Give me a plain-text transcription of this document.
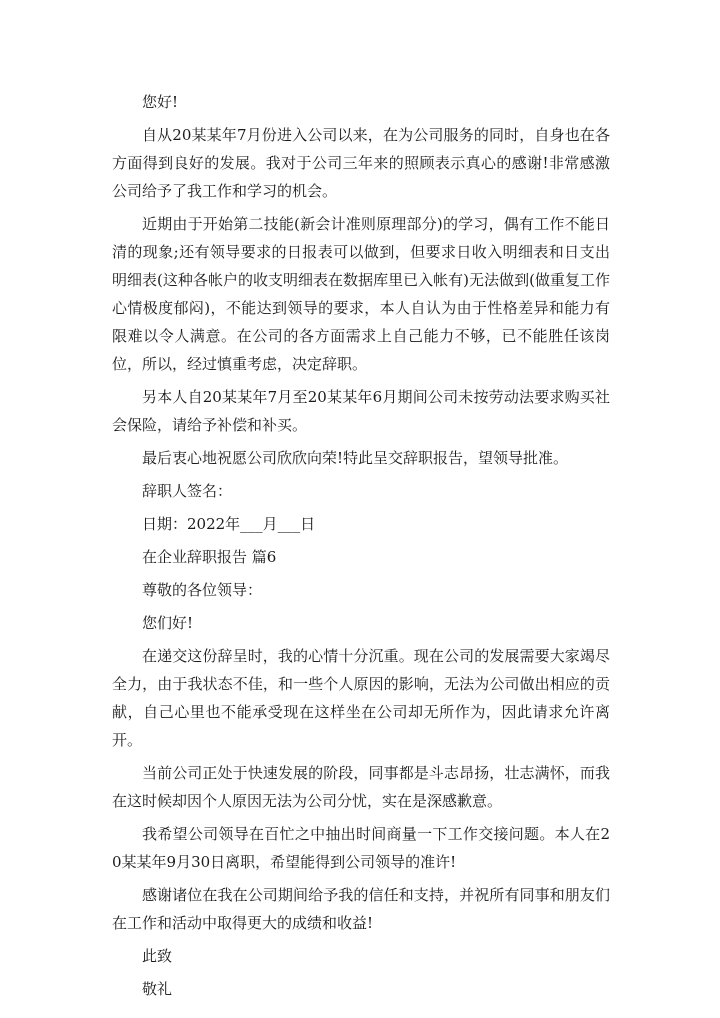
您好!

自从20某某年7月份进入公司以来，在为公司服务的同时，自身也在各方面得到良好的发展。我对于公司三年来的照顾表示真心的感谢!非常感激公司给予了我工作和学习的机会。

近期由于开始第二技能(新会计准则原理部分)的学习，偶有工作不能日清的现象;还有领导要求的日报表可以做到，但要求日收入明细表和日支出明细表(这种各帐户的收支明细表在数据库里已入帐有)无法做到(做重复工作心情极度郁闷)，不能达到领导的要求，本人自认为由于性格差异和能力有限难以令人满意。在公司的各方面需求上自己能力不够，已不能胜任该岗位，所以，经过慎重考虑，决定辞职。

另本人自20某某年7月至20某某年6月期间公司未按劳动法要求购买社会保险，请给予补偿和补买。

最后衷心地祝愿公司欣欣向荣!特此呈交辞职报告，望领导批准。

辞职人签名：

日期：2022年___月___日

在企业辞职报告 篇6

尊敬的各位领导：

您们好!

在递交这份辞呈时，我的心情十分沉重。现在公司的发展需要大家竭尽全力，由于我状态不佳，和一些个人原因的影响，无法为公司做出相应的贡献，自己心里也不能承受现在这样坐在公司却无所作为，因此请求允许离开。

当前公司正处于快速发展的阶段，同事都是斗志昂扬，壮志满怀，而我在这时候却因个人原因无法为公司分忧，实在是深感歉意。

我希望公司领导在百忙之中抽出时间商量一下工作交接问题。本人在20某某年9月30日离职，希望能得到公司领导的准许!

感谢诸位在我在公司期间给予我的信任和支持，并祝所有同事和朋友们在工作和活动中取得更大的成绩和收益!

此致

敬礼
